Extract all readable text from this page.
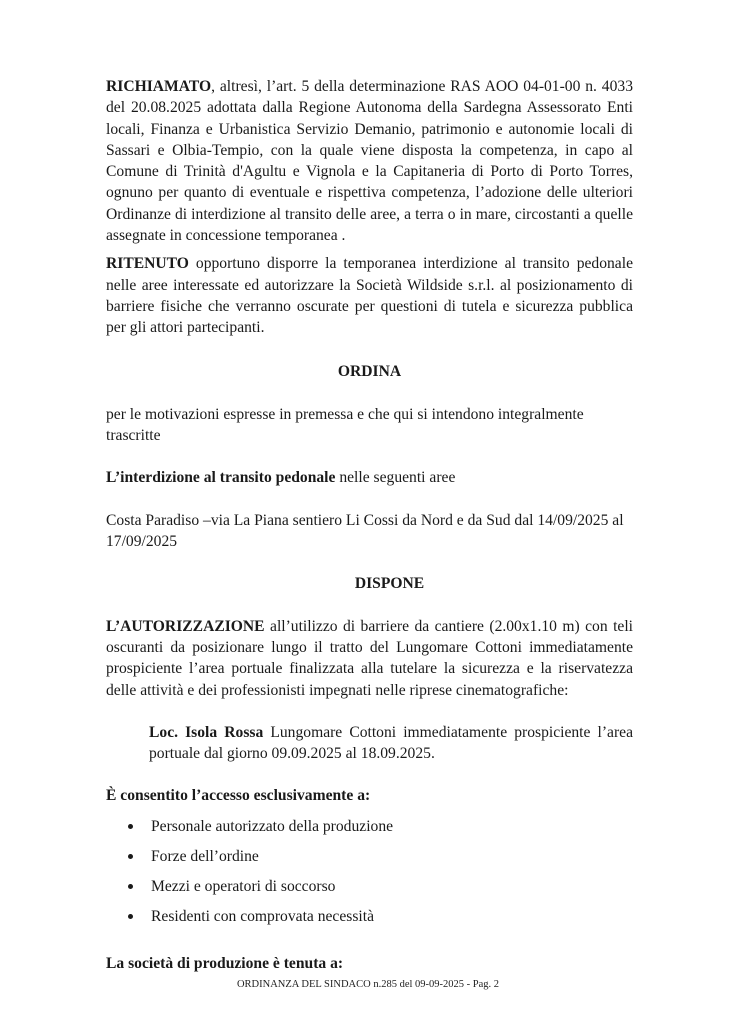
RICHIAMATO, altresì, l’art. 5 della determinazione RAS AOO 04-01-00 n. 4033 del 20.08.2025 adottata dalla Regione Autonoma della Sardegna Assessorato Enti locali, Finanza e Urbanistica Servizio Demanio, patrimonio e autonomie locali di Sassari e Olbia-Tempio, con la quale viene disposta la competenza, in capo al Comune di Trinità d'Agultu e Vignola e la Capitaneria di Porto di Porto Torres, ognuno per quanto di eventuale e rispettiva competenza, l’adozione delle ulteriori Ordinanze di interdizione al transito delle aree, a terra o in mare, circostanti a quelle assegnate in concessione temporanea .

RITENUTO opportuno disporre la temporanea interdizione al transito pedonale nelle aree interessate ed autorizzare la Società Wildside s.r.l. al posizionamento di barriere fisiche che verranno oscurate per questioni di tutela e sicurezza pubblica per gli attori partecipanti.

ORDINA

per le motivazioni espresse in premessa e che qui si intendono integralmente trascritte

L’interdizione al transito pedonale nelle seguenti aree

Costa Paradiso –via La Piana sentiero Li Cossi da Nord e da Sud dal 14/09/2025 al 17/09/2025

DISPONE

L’AUTORIZZAZIONE all’utilizzo di barriere da cantiere (2.00x1.10 m) con teli oscuranti da posizionare lungo il tratto del Lungomare Cottoni immediatamente prospiciente l’area portuale finalizzata alla tutelare la sicurezza e la riservatezza delle attività e dei professionisti impegnati nelle riprese cinematografiche:

Loc. Isola Rossa Lungomare Cottoni immediatamente prospiciente l’area portuale dal giorno 09.09.2025 al 18.09.2025.

È consentito l’accesso esclusivamente a:

Personale autorizzato della produzione
Forze dell’ordine
Mezzi e operatori di soccorso
Residenti con comprovata necessità

La società di produzione è tenuta a:

ORDINANZA DEL SINDACO n.285 del 09-09-2025 - Pag. 2
